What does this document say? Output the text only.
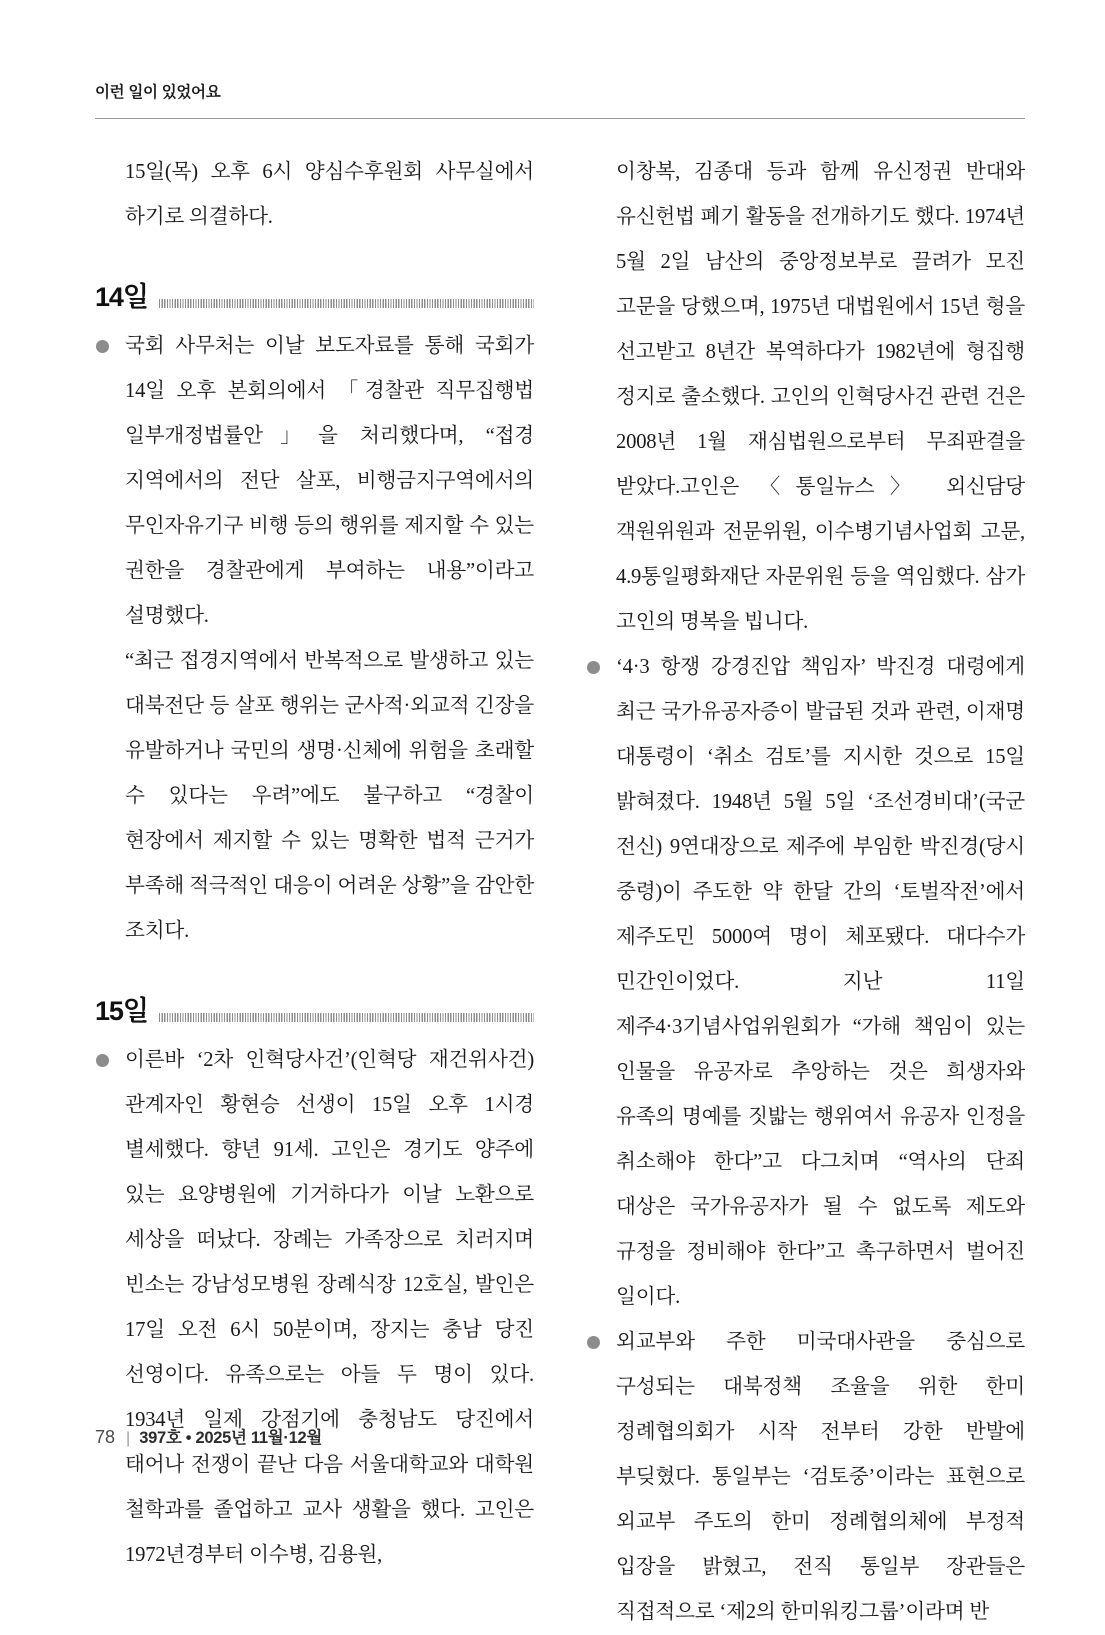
이런 일이 있었어요

15일(목) 오후 6시 양심수후원회 사무실에서 하기로 의결하다.

14일
국회 사무처는 이날 보도자료를 통해 국회가 14일 오후 본회의에서 「경찰관 직무집행법 일부개정법률안」을 처리했다며, “접경 지역에서의 전단 살포, 비행금지구역에서의 무인자유기구 비행 등의 행위를 제지할 수 있는 권한을 경찰관에게 부여하는 내용”이라고 설명했다.

“최근 접경지역에서 반복적으로 발생하고 있는 대북전단 등 살포 행위는 군사적·외교적 긴장을 유발하거나 국민의 생명·신체에 위험을 초래할 수 있다는 우려”에도 불구하고 “경찰이 현장에서 제지할 수 있는 명확한 법적 근거가 부족해 적극적인 대응이 어려운 상황”을 감안한 조치다.

15일
이른바 ‘2차 인혁당사건’(인혁당 재건위사건) 관계자인 황현승 선생이 15일 오후 1시경 별세했다. 향년 91세. 고인은 경기도 양주에 있는 요양병원에 기거하다가 이날 노환으로 세상을 떠났다. 장례는 가족장으로 치러지며 빈소는 강남성모병원 장례식장 12호실, 발인은 17일 오전 6시 50분이며, 장지는 충남 당진 선영이다. 유족으로는 아들 두 명이 있다. 1934년 일제 강점기에 충청남도 당진에서 태어나 전쟁이 끝난 다음 서울대학교와 대학원 철학과를 졸업하고 교사 생활을 했다. 고인은 1972년경부터 이수병, 김용원,

이창복, 김종대 등과 함께 유신정권 반대와 유신헌법 폐기 활동을 전개하기도 했다. 1974년 5월 2일 남산의 중앙정보부로 끌려가 모진 고문을 당했으며, 1975년 대법원에서 15년 형을 선고받고 8년간 복역하다가 1982년에 형집행 정지로 출소했다. 고인의 인혁당사건 관련 건은 2008년 1월 재심법원으로부터 무죄판결을 받았다.고인은 〈통일뉴스〉 외신담당 객원위원과 전문위원, 이수병기념사업회 고문, 4.9통일평화재단 자문위원 등을 역임했다. 삼가 고인의 명복을 빕니다.

‘4·3 항쟁 강경진압 책임자’ 박진경 대령에게 최근 국가유공자증이 발급된 것과 관련, 이재명 대통령이 ‘취소 검토’를 지시한 것으로 15일 밝혀졌다. 1948년 5월 5일 ‘조선경비대’(국군 전신) 9연대장으로 제주에 부임한 박진경(당시 중령)이 주도한 약 한달 간의 ‘토벌작전’에서 제주도민 5000여 명이 체포됐다. 대다수가 민간인이었다. 지난 11일 제주4·3기념사업위원회가 “가해 책임이 있는 인물을 유공자로 추앙하는 것은 희생자와 유족의 명예를 짓밟는 행위여서 유공자 인정을 취소해야 한다”고 다그치며 “역사의 단죄 대상은 국가유공자가 될 수 없도록 제도와 규정을 정비해야 한다”고 촉구하면서 벌어진 일이다.
외교부와 주한 미국대사관을 중심으로 구성되는 대북정책 조율을 위한 한미 정례협의회가 시작 전부터 강한 반발에 부딪혔다. 통일부는 ‘검토중’이라는 표현으로 외교부 주도의 한미 정례협의체에 부정적 입장을 밝혔고, 전직 통일부 장관들은 직접적으로 ‘제2의 한미워킹그룹’이라며 반
78 | 397호 • 2025년 11월·12월
